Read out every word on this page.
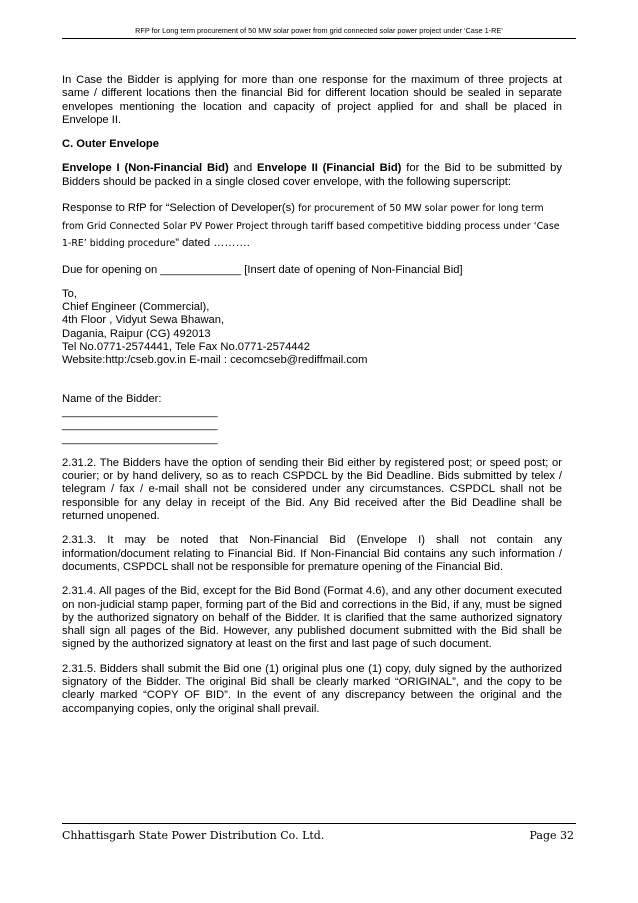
RFP for Long term procurement of 50 MW solar power from grid connected solar power project under ‘Case 1-RE’

In Case the Bidder is applying for more than one response for the maximum of three projects at same / different locations then the financial Bid for different location should be sealed in separate envelopes mentioning the location and capacity of project applied for and shall be placed in Envelope II.

C. Outer Envelope

Envelope I (Non-Financial Bid) and Envelope II (Financial Bid) for the Bid to be submitted by Bidders should be packed in a single closed cover envelope, with the following superscript:

Response to RfP for “Selection of Developer(s) for procurement of 50 MW solar power for long term from Grid Connected Solar PV Power Project through tariff based competitive bidding process under ‘Case 1-RE’ bidding procedure” dated ……….

Due for opening on _____________ [Insert date of opening of Non-Financial Bid]

To,

Chief Engineer (Commercial),

4th Floor , Vidyut Sewa Bhawan,

Dagania, Raipur (CG) 492013

Tel No.0771-2574441, Tele Fax No.0771-2574442

Website:http:/cseb.gov.in E-mail : cecomcseb@rediffmail.com

Name of the Bidder:

_________________________

_________________________

_________________________

2.31.2. The Bidders have the option of sending their Bid either by registered post; or speed post; or courier; or by hand delivery, so as to reach CSPDCL by the Bid Deadline. Bids submitted by telex / telegram / fax / e-mail shall not be considered under any circumstances. CSPDCL shall not be responsible for any delay in receipt of the Bid. Any Bid received after the Bid Deadline shall be returned unopened.

2.31.3. It may be noted that Non-Financial Bid (Envelope I) shall not contain any information/document relating to Financial Bid. If Non-Financial Bid contains any such information / documents, CSPDCL shall not be responsible for premature opening of the Financial Bid.

2.31.4. All pages of the Bid, except for the Bid Bond (Format 4.6), and any other document executed on non-judicial stamp paper, forming part of the Bid and corrections in the Bid, if any, must be signed by the authorized signatory on behalf of the Bidder. It is clarified that the same authorized signatory shall sign all pages of the Bid. However, any published document submitted with the Bid shall be signed by the authorized signatory at least on the first and last page of such document.

2.31.5. Bidders shall submit the Bid one (1) original plus one (1) copy, duly signed by the authorized signatory of the Bidder. The original Bid shall be clearly marked “ORIGINAL”, and the copy to be clearly marked “COPY OF BID”. In the event of any discrepancy between the original and the accompanying copies, only the original shall prevail.

Chhattisgarh State Power Distribution Co. Ltd.	Page 32
